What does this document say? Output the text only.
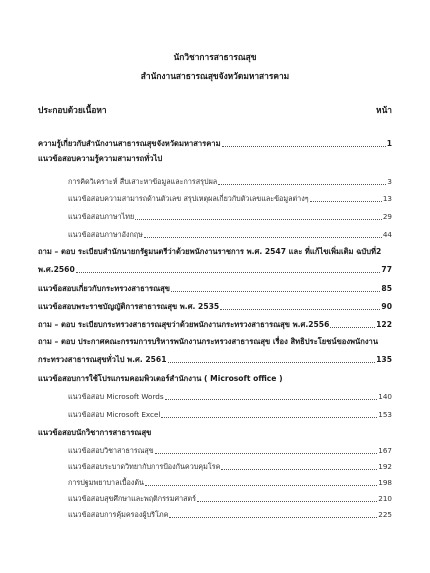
นักวิชาการสาธารณสุข
สำนักงานสาธารณสุขจังหวัดมหาสารคาม
ประกอบด้วยเนื้อหา	หน้า
ความรู้เกี่ยวกับสำนักงานสาธารณสุขจังหวัดมหาสารคาม	1
แนวข้อสอบความรู้ความสามารถทั่วไป
การคิดวิเคราะห์ สืบเสาะหาข้อมูลและการสรุปผล	3
แนวข้อสอบความสามารถด้านตัวเลข สรุปเหตุผลเกี่ยวกับตัวเลขและข้อมูลต่างๆ	13
แนวข้อสอบภาษาไทย	29
แนวข้อสอบภาษาอังกฤษ	44
ถาม – ตอบ ระเบียบสำนักนายกรัฐมนตรีว่าด้วยพนักงานราชการ พ.ศ. 2547 และ ที่แก้ไขเพิ่มเติม ฉบับที่2
พ.ศ.2560	77
แนวข้อสอบเกี่ยวกับกระทรวงสาธารณสุข	85
แนวข้อสอบพระราชบัญญัติการสาธารณสุข พ.ศ. 2535	90
ถาม – ตอบ ระเบียบกระทรวงสาธารณสุขว่าด้วยพนักงานกระทรวงสาธารณสุข พ.ศ.2556	122
ถาม – ตอบ ประกาศคณะกรรมการบริหารพนักงานกระทรวงสาธารณสุข เรื่อง สิทธิประโยชน์ของพนักงาน
กระทรวงสาธารณสุขทั่วไป พ.ศ. 2561	135
แนวข้อสอบการใช้โปรแกรมคอมพิวเตอร์สำนักงาน ( Microsoft office )
แนวข้อสอบ Microsoft Words	140
แนวข้อสอบ Microsoft Excel	153
แนวข้อสอบนักวิชาการสาธารณสุข
แนวข้อสอบวิชาสาธารณสุข	167
แนวข้อสอบระบาดวิทยากับการป้องกันควบคุมโรค	192
การปฐมพยาบาลเบื้องต้น	198
แนวข้อสอบสุขศึกษาและพฤติกรรมศาสตร์	210
แนวข้อสอบการคุ้มครองผู้บริโภค	225
